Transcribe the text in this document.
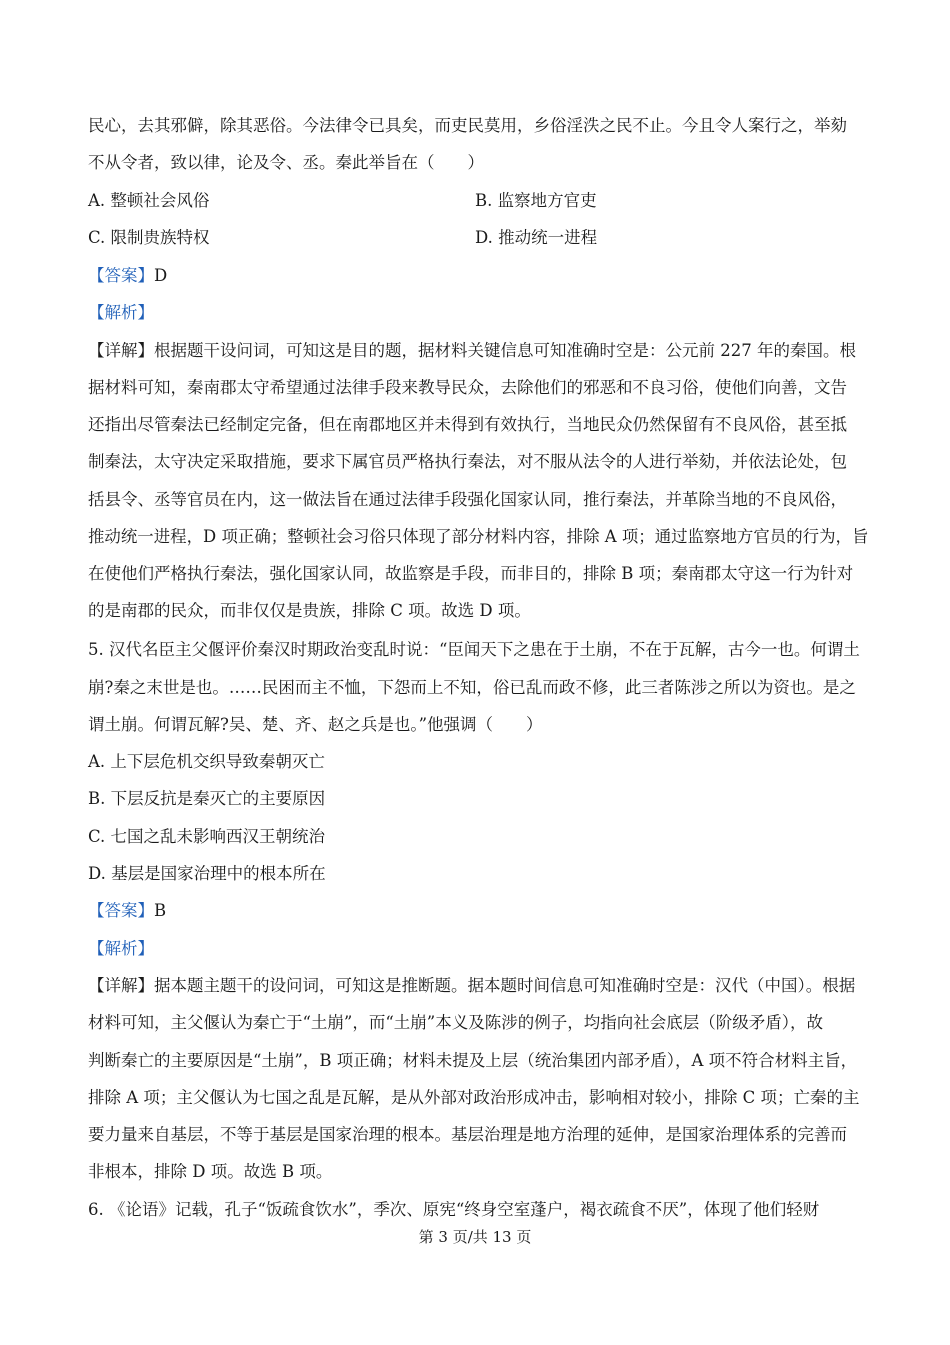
民心，去其邪僻，除其恶俗。今法律令已具矣，而吏民莫用，乡俗淫泆之民不止。今且令人案行之，举劾
不从令者，致以律，论及令、丞。秦此举旨在（　　）
A. 整顿社会风俗	B. 监察地方官吏
C. 限制贵族特权	D. 推动统一进程
【答案】D
【解析】
【详解】根据题干设问词，可知这是目的题，据材料关键信息可知准确时空是：公元前 227 年的秦国。根
据材料可知，秦南郡太守希望通过法律手段来教导民众，去除他们的邪恶和不良习俗，使他们向善，文告
还指出尽管秦法已经制定完备，但在南郡地区并未得到有效执行，当地民众仍然保留有不良风俗，甚至抵
制秦法，太守决定采取措施，要求下属官员严格执行秦法，对不服从法令的人进行举劾，并依法论处，包
括县令、丞等官员在内，这一做法旨在通过法律手段强化国家认同，推行秦法，并革除当地的不良风俗，
推动统一进程，D 项正确；整顿社会习俗只体现了部分材料内容，排除 A 项；通过监察地方官员的行为，旨
在使他们严格执行秦法，强化国家认同，故监察是手段，而非目的，排除 B 项；秦南郡太守这一行为针对
的是南郡的民众，而非仅仅是贵族，排除 C 项。故选 D 项。
5. 汉代名臣主父偃评价秦汉时期政治变乱时说：“臣闻天下之患在于土崩，不在于瓦解，古今一也。何谓土
崩?秦之末世是也。……民困而主不恤，下怨而上不知，俗已乱而政不修，此三者陈涉之所以为资也。是之
谓土崩。何谓瓦解?吴、楚、齐、赵之兵是也。”他强调（　　）
A. 上下层危机交织导致秦朝灭亡
B. 下层反抗是秦灭亡的主要原因
C. 七国之乱未影响西汉王朝统治
D. 基层是国家治理中的根本所在
【答案】B
【解析】
【详解】据本题主题干的设问词，可知这是推断题。据本题时间信息可知准确时空是：汉代（中国）。根据
材料可知，主父偃认为秦亡于“土崩”，而“土崩”本义及陈涉的例子，均指向社会底层（阶级矛盾），故
判断秦亡的主要原因是“土崩”，B 项正确；材料未提及上层（统治集团内部矛盾），A 项不符合材料主旨，
排除 A 项；主父偃认为七国之乱是瓦解，是从外部对政治形成冲击，影响相对较小，排除 C 项；亡秦的主
要力量来自基层，不等于基层是国家治理的根本。基层治理是地方治理的延伸，是国家治理体系的完善而
非根本，排除 D 项。故选 B 项。
6. 《论语》记载，孔子“饭疏食饮水”，季次、原宪“终身空室蓬户，褐衣疏食不厌”，体现了他们轻财
第 3 页/共 13 页
